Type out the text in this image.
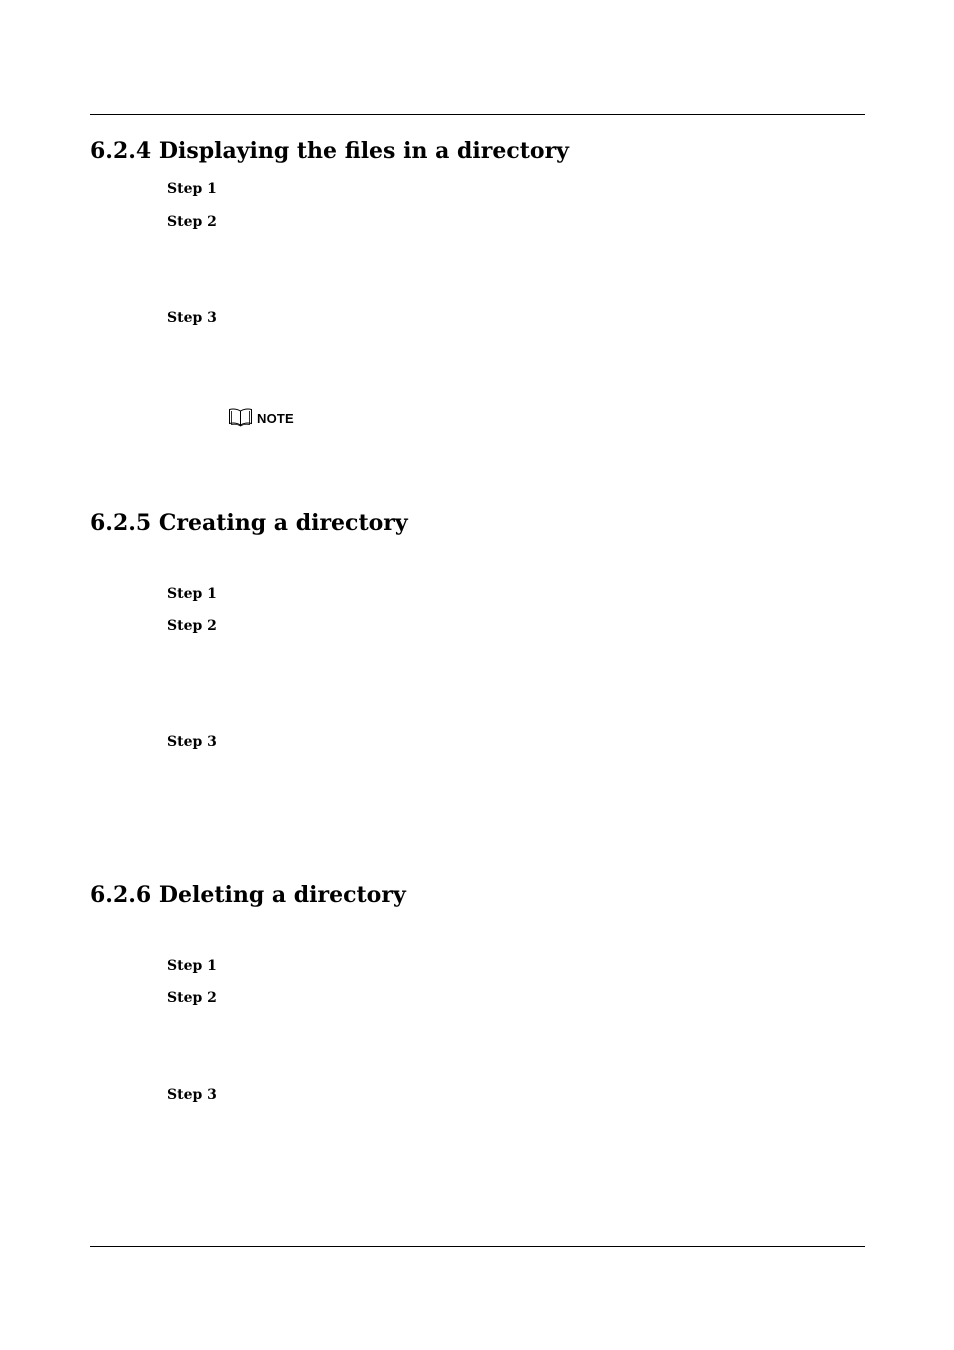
6.2.4 Displaying the files in a directory
Step 1
Step 2
Step 3
NOTE
6.2.5 Creating a directory
Step 1
Step 2
Step 3
6.2.6 Deleting a directory
Step 1
Step 2
Step 3
